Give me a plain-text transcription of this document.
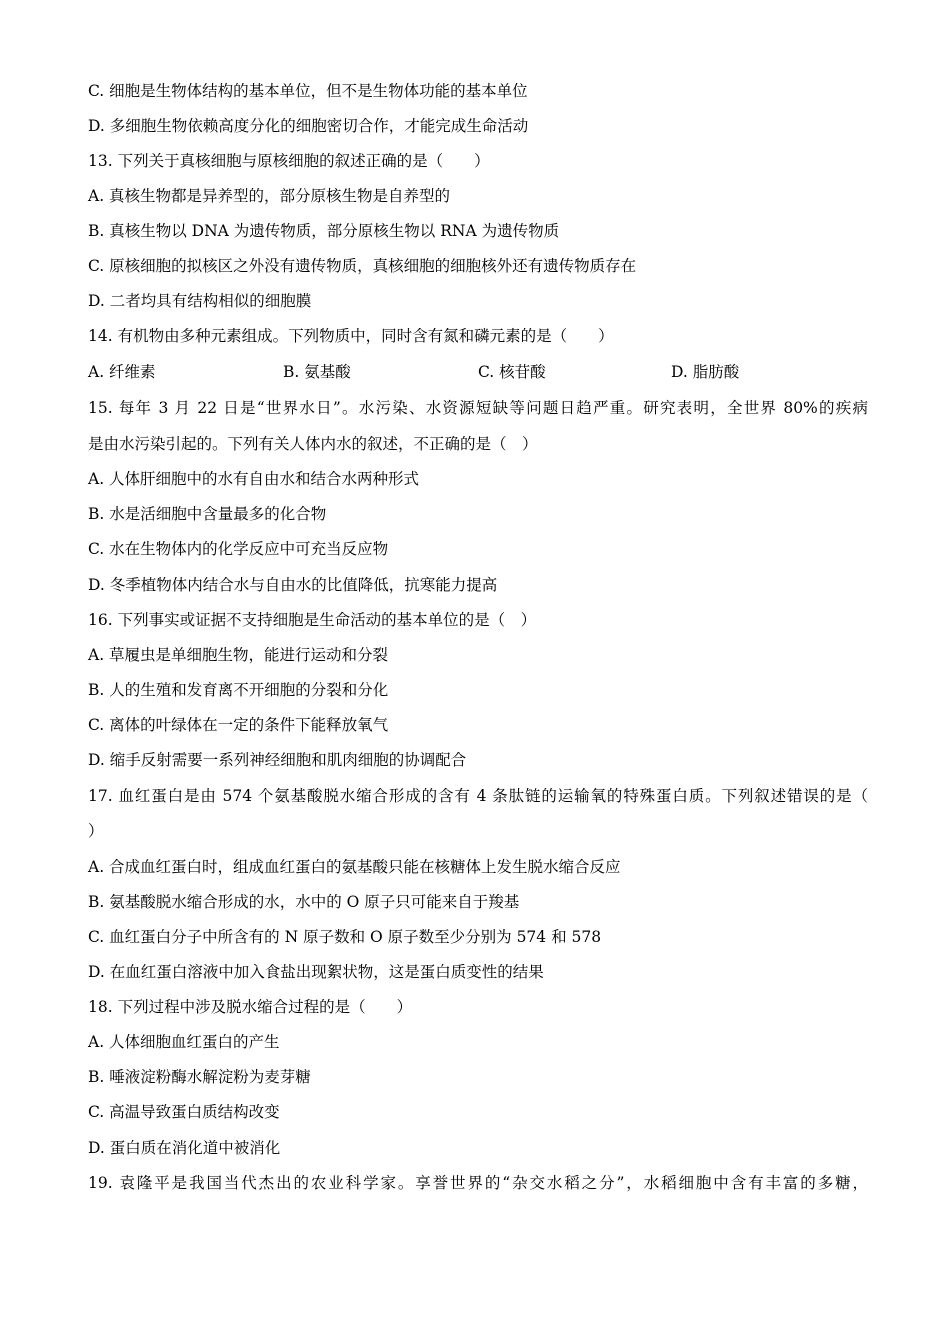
C. 细胞是生物体结构的基本单位，但不是生物体功能的基本单位
D. 多细胞生物依赖高度分化的细胞密切合作，才能完成生命活动
13. 下列关于真核细胞与原核细胞的叙述正确的是（　　）
A. 真核生物都是异养型的，部分原核生物是自养型的
B. 真核生物以 DNA 为遗传物质，部分原核生物以 RNA 为遗传物质
C. 原核细胞的拟核区之外没有遗传物质，真核细胞的细胞核外还有遗传物质存在
D. 二者均具有结构相似的细胞膜
14. 有机物由多种元素组成。下列物质中，同时含有氮和磷元素的是（　　）
A. 纤维素	B. 氨基酸	C. 核苷酸	D. 脂肪酸
15. 每年 3 月 22 日是“世界水日”。水污染、水资源短缺等问题日趋严重。研究表明，全世界 80%的疾病
是由水污染引起的。下列有关人体内水的叙述，不正确的是（　）
A. 人体肝细胞中的水有自由水和结合水两种形式
B. 水是活细胞中含量最多的化合物
C. 水在生物体内的化学反应中可充当反应物
D. 冬季植物体内结合水与自由水的比值降低，抗寒能力提高
16. 下列事实或证据不支持细胞是生命活动的基本单位的是（　）
A. 草履虫是单细胞生物，能进行运动和分裂
B. 人的生殖和发育离不开细胞的分裂和分化
C. 离体的叶绿体在一定的条件下能释放氧气
D. 缩手反射需要一系列神经细胞和肌肉细胞的协调配合
17. 血红蛋白是由 574 个氨基酸脱水缩合形成的含有 4 条肽链的运输氧的特殊蛋白质。下列叙述错误的是（
）
A. 合成血红蛋白时，组成血红蛋白的氨基酸只能在核糖体上发生脱水缩合反应
B. 氨基酸脱水缩合形成的水，水中的 O 原子只可能来自于羧基
C. 血红蛋白分子中所含有的 N 原子数和 O 原子数至少分别为 574 和 578
D. 在血红蛋白溶液中加入食盐出现絮状物，这是蛋白质变性的结果
18. 下列过程中涉及脱水缩合过程的是（　　）
A. 人体细胞血红蛋白的产生
B. 唾液淀粉酶水解淀粉为麦芽糖
C. 高温导致蛋白质结构改变
D. 蛋白质在消化道中被消化
19. 袁隆平是我国当代杰出的农业科学家。享誉世界的“杂交水稻之分”，水稻细胞中含有丰富的多糖，
